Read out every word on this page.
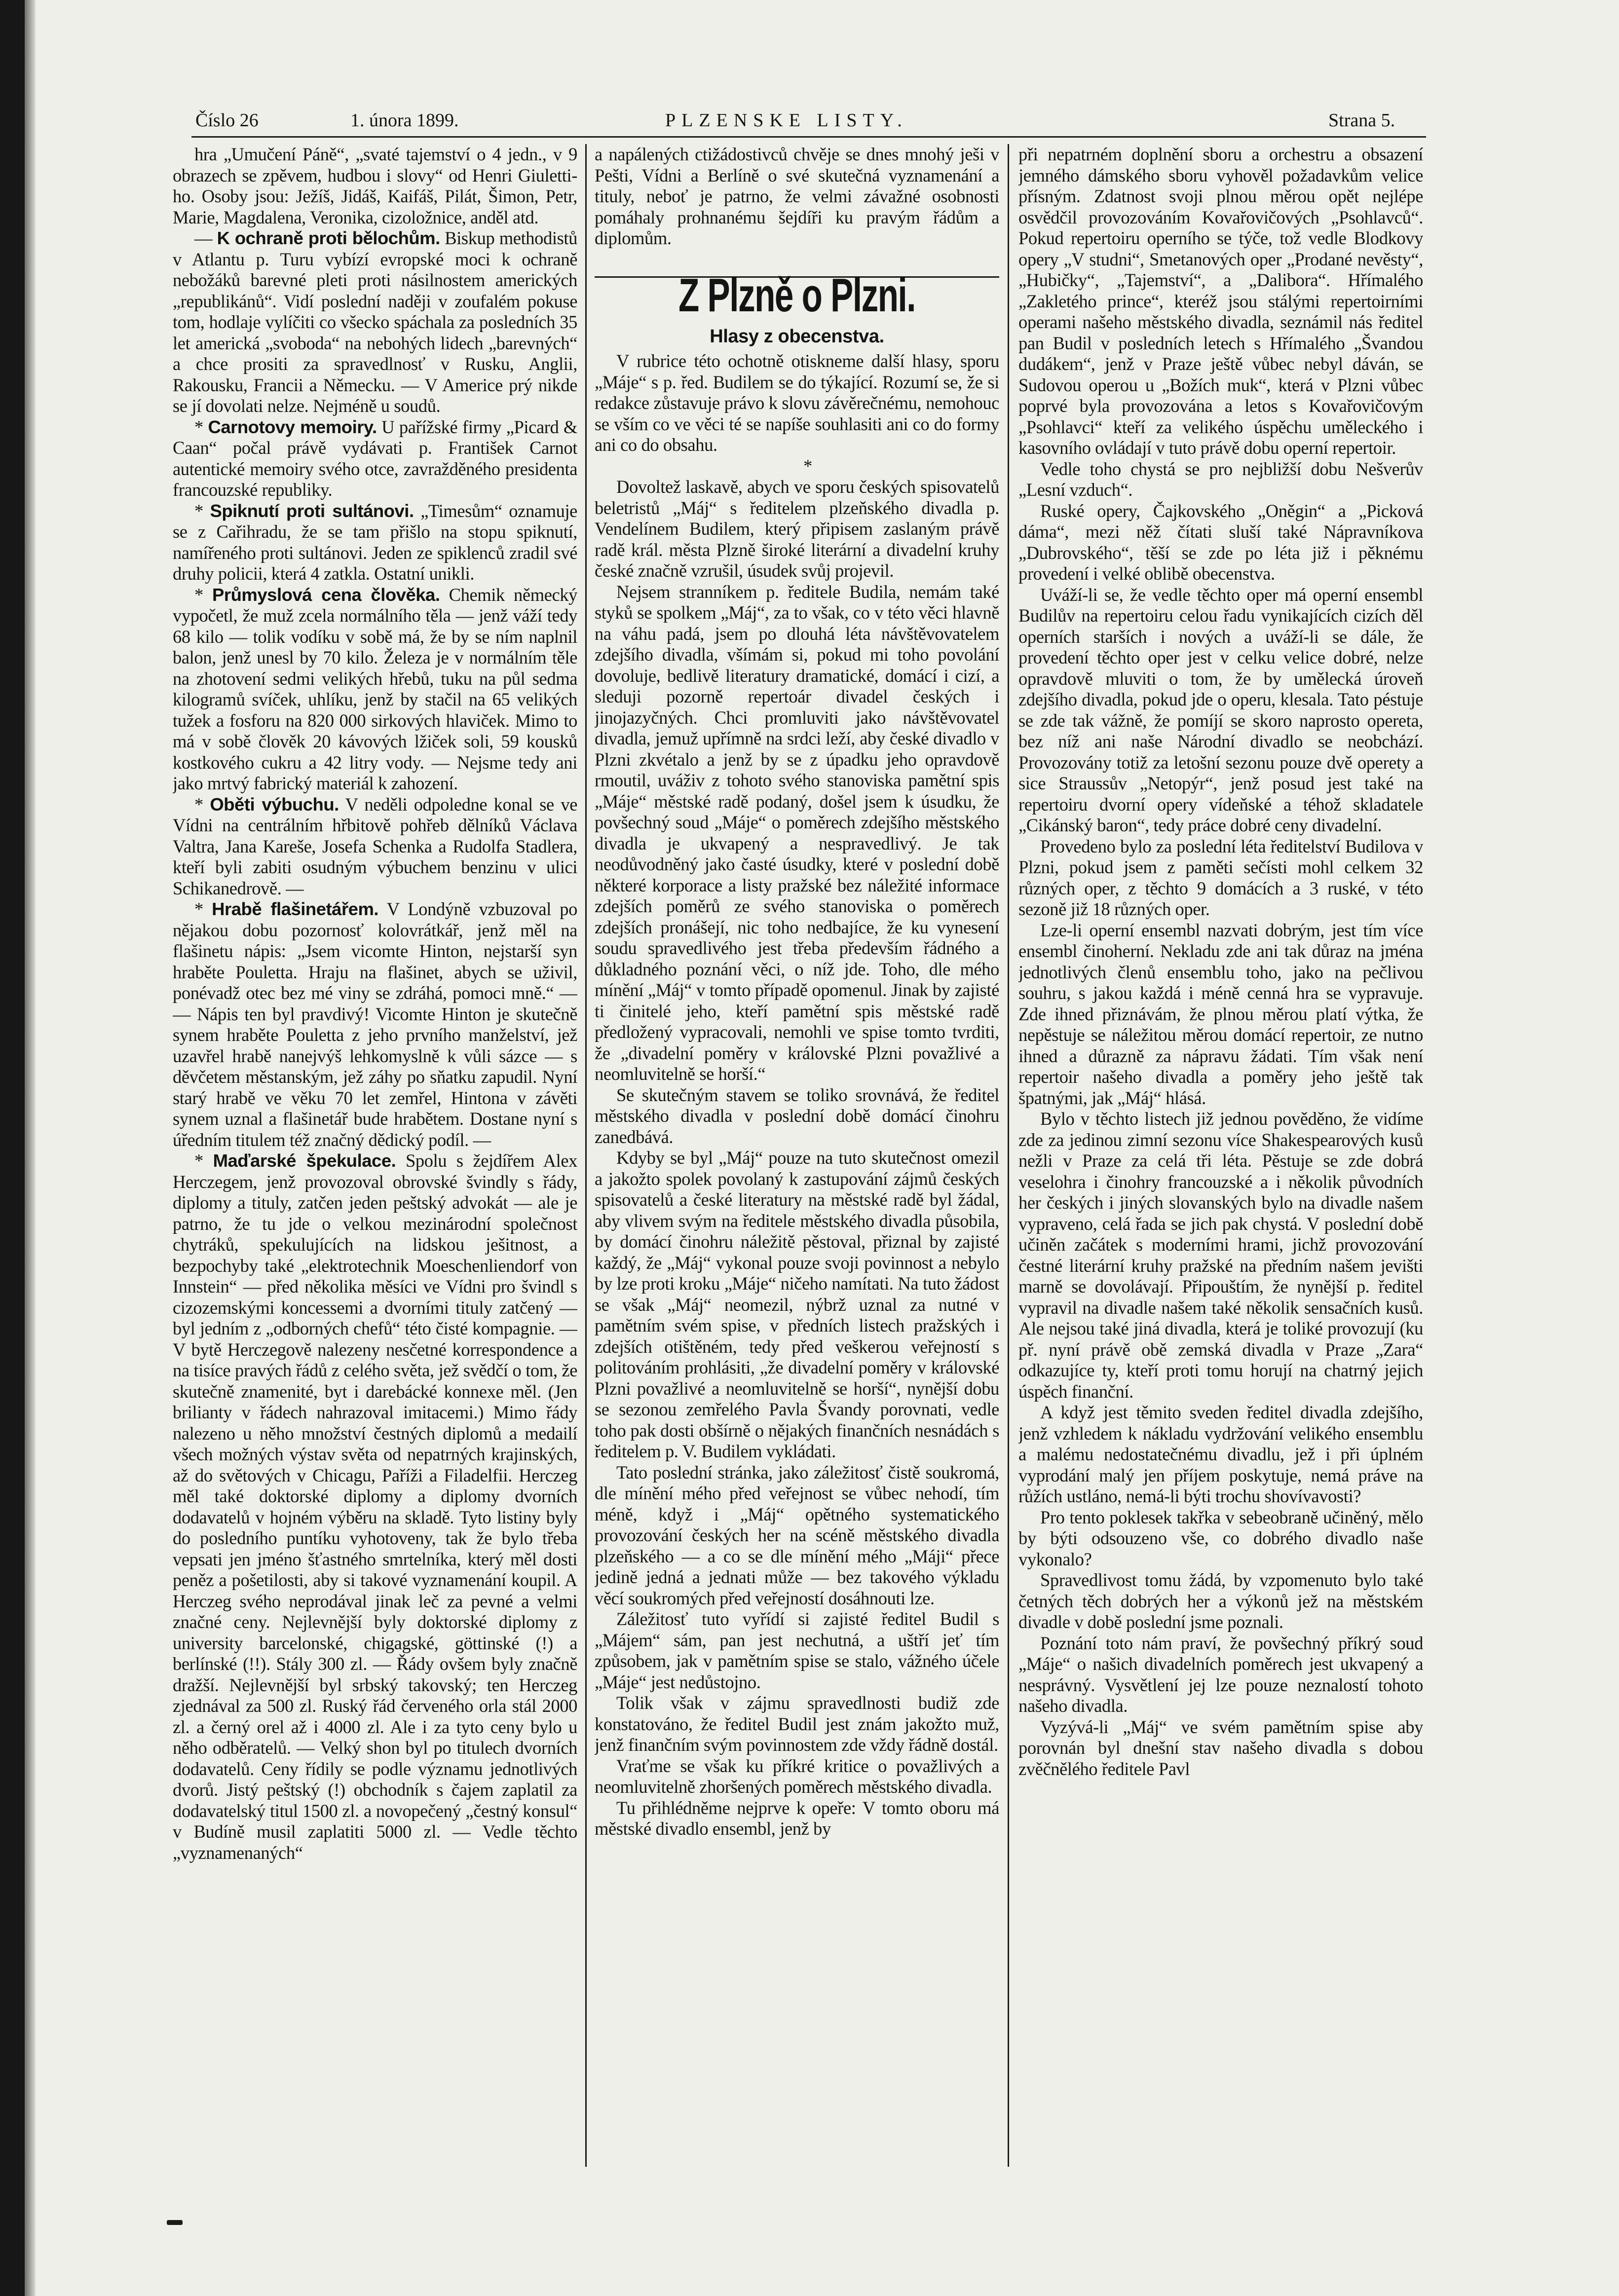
Číslo 26	1. února 1899.	PLZENSKE LISTY.	Strana 5.

hra „Umučení Páně“, „svaté tajemství o 4 jedn., v 9 obrazech se zpěvem, hudbou i slovy“ od Henri Giuletti-ho. Osoby jsou: Ježíš, Jidáš, Kaifáš, Pilát, Šimon, Petr, Marie, Magdalena, Veronika, cizoložnice, anděl atd.

— K ochraně proti bělochům. Biskup methodistů v Atlantu p. Turu vybízí evropské moci k ochraně nebožáků barevné pleti proti násilnostem amerických „republikánů“. Vidí poslední naději v zoufalém pokuse tom, hodlaje vylíčiti co všecko spáchala za posledních 35 let americká „svoboda“ na nebohých lidech „barevných“ a chce prositi za spravedlnosť v Rusku, Anglii, Rakousku, Francii a Německu. — V Americe prý nikde se jí dovolati nelze. Nejméně u soudů.

* Carnotovy memoiry. U pařížské firmy „Picard & Caan“ počal právě vydávati p. František Carnot autentické memoiry svého otce, zavražděného presidenta francouzské republiky.

* Spiknutí proti sultánovi. „Timesům“ oznamuje se z Cařihradu, že se tam přišlo na stopu spiknutí, namířeného proti sultánovi. Jeden ze spiklenců zradil své druhy policii, která 4 zatkla. Ostatní unikli.

* Průmyslová cena člověka. Chemik německý vypočetl, že muž zcela normálního těla — jenž váží tedy 68 kilo — tolik vodíku v sobě má, že by se ním naplnil balon, jenž unesl by 70 kilo. Železa je v normálním těle na zhotovení sedmi velikých hřebů, tuku na půl sedma kilogramů svíček, uhlíku, jenž by stačil na 65 velikých tužek a fosforu na 820 000 sirkových hlaviček. Mimo to má v sobě člověk 20 kávových lžiček soli, 59 kousků kostkového cukru a 42 litry vody. — Nejsme tedy ani jako mrtvý fabrický materiál k zahození.

* Oběti výbuchu. V neděli odpoledne konal se ve Vídni na centrálním hřbitově pohřeb dělníků Václava Valtra, Jana Kareše, Josefa Schenka a Rudolfa Stadlera, kteří byli zabiti osudným výbuchem benzinu v ulici Schikanedrově. —

* Hrabě flašinetářem. V Londýně vzbuzoval po nějakou dobu pozornosť kolovrátkář, jenž měl na flašinetu nápis: „Jsem vicomte Hinton, nejstarší syn hraběte Pouletta. Hraju na flašinet, abych se uživil, ponévadž otec bez mé viny se zdráhá, pomoci mně.“ — — Nápis ten byl pravdivý! Vicomte Hinton je skutečně synem hraběte Pouletta z jeho prvního manželství, jež uzavřel hrabě nanejvýš lehkomyslně k vůli sázce — s děvčetem městanským, jež záhy po sňatku zapudil. Nyní starý hrabě ve věku 70 let zemřel, Hintona v závěti synem uznal a flašinetář bude hrabětem. Dostane nyní s úředním titulem též značný dědický podíl. —

* Maďarské špekulace. Spolu s žejdířem Alex Herczegem, jenž provozoval obrovské švindly s řády, diplomy a tituly, zatčen jeden peštský advokát — ale je patrno, že tu jde o velkou mezinárodní společnost chytráků, spekulujících na lidskou ješitnost, a bezpochyby také „elektrotechnik Moeschenliendorf von Innstein“ — před několika měsíci ve Vídni pro švindl s cizozemskými koncessemi a dvorními tituly zatčený — byl jedním z „odborných chefů“ této čisté kompagnie. — V bytě Herczegově nalezeny nesčetné korrespondence a na tisíce pravých řádů z celého světa, jež svědčí o tom, že skutečně znamenité, byt i darebácké konnexe měl. (Jen brilianty v řádech nahrazoval imitacemi.) Mimo řády nalezeno u něho množství čestných diplomů a medailí všech možných výstav světa od nepatrných krajinských, až do světových v Chicagu, Paříži a Filadelfii. Herczeg měl také doktorské diplomy a diplomy dvorních dodavatelů v hojném výběru na skladě. Tyto listiny byly do posledního puntíku vyhotoveny, tak že bylo třeba vepsati jen jméno šťastného smrtelníka, který měl dosti peněz a pošetilosti, aby si takové vyznamenání koupil. A Herczeg svého neprodával jinak leč za pevné a velmi značné ceny. Nejlevnější byly doktorské diplomy z university barcelonské, chigagské, göttinské (!) a berlínské (!!). Stály 300 zl. — Řády ovšem byly značně dražší. Nejlevnější byl srbský takovský; ten Herczeg zjednával za 500 zl. Ruský řád červeného orla stál 2000 zl. a černý orel až i 4000 zl. Ale i za tyto ceny bylo u něho odběratelů. — Velký shon byl po titulech dvorních dodavatelů. Ceny řídily se podle významu jednotlivých dvorů. Jistý peštský (!) obchodník s čajem zaplatil za dodavatelský titul 1500 zl. a novopečený „čestný konsul“ v Budíně musil zaplatiti 5000 zl. — Vedle těchto „vyznamenaných“

a napálených ctižádostivců chvěje se dnes mnohý ješi v Pešti, Vídni a Berlíně o své skutečná vyznamenání a tituly, neboť je patrno, že velmi závažné osobnosti pomáhaly prohnanému šejdíři ku pravým řádům a diplomům.

Z Plzně o Plzni.

Hlasy z obecenstva.

V rubrice této ochotně otiskneme další hlasy, sporu „Máje“ s p. řed. Budilem se do týkající. Rozumí se, že si redakce zůstavuje právo k slovu závěrečnému, nemohouc se vším co ve věci té se napíše souhlasiti ani co do formy ani co do obsahu.

*

Dovoltež laskavě, abych ve sporu českých spisovatelů beletristů „Máj“ s ředitelem plzeňského divadla p. Vendelínem Budilem, který připisem zaslaným právě radě král. města Plzně široké literární a divadelní kruhy české značně vzrušil, úsudek svůj projevil.

Nejsem stranníkem p. ředitele Budila, nemám také styků se spolkem „Máj“, za to však, co v této věci hlavně na váhu padá, jsem po dlouhá léta návštěvovatelem zdejšího divadla, všímám si, pokud mi toho povolání dovoluje, bedlivě literatury dramatické, domácí i cizí, a sleduji pozorně repertoár divadel českých i jinojazyčných. Chci promluviti jako návštěvovatel divadla, jemuž upřímně na srdci leží, aby české divadlo v Plzni zkvétalo a jenž by se z úpadku jeho opravdově rmoutil, uváživ z tohoto svého stanoviska pamětní spis „Máje“ městské radě podaný, došel jsem k úsudku, že povšechný soud „Máje“ o poměrech zdejšího městského divadla je ukvapený a nespravedlivý. Je tak neodůvodněný jako časté úsudky, které v poslední době některé korporace a listy pražské bez náležité informace zdejších poměrů ze svého stanoviska o poměrech zdejších pronášejí, nic toho nedbajíce, že ku vynesení soudu spravedlivého jest třeba především řádného a důkladného poznání věci, o níž jde. Toho, dle mého mínění „Máj“ v tomto případě opomenul. Jinak by zajisté ti činitelé jeho, kteří pamětní spis městské radě předložený vypracovali, nemohli ve spise tomto tvrditi, že „divadelní poměry v královské Plzni považlivé a neomluvitelně se horší.“

Se skutečným stavem se toliko srovnává, že ředitel městského divadla v poslední době domácí činohru zanedbává.

Kdyby se byl „Máj“ pouze na tuto skutečnost omezil a jakožto spolek povolaný k zastupování zájmů českých spisovatelů a české literatury na městské radě byl žádal, aby vlivem svým na ředitele městského divadla působila, by domácí činohru náležitě pěstoval, přiznal by zajisté každý, že „Máj“ vykonal pouze svoji povinnost a nebylo by lze proti kroku „Máje“ ničeho namítati. Na tuto žádost se však „Máj“ neomezil, nýbrž uznal za nutné v pamětním svém spise, v předních listech pražských i zdejších otištěném, tedy před veškerou veřejností s politováním prohlásiti, „že divadelní poměry v královské Plzni považlivé a neomluvitelně se horší“, nynější dobu se sezonou zemřelého Pavla Švandy porovnati, vedle toho pak dosti obšírně o nějakých finančních nesnádách s ředitelem p. V. Budilem vykládati.

Tato poslední stránka, jako záležitosť čistě soukromá, dle mínění mého před veřejnost se vůbec nehodí, tím méně, když i „Máj“ opětného systematického provozování českých her na scéně městského divadla plzeňského — a co se dle mínění mého „Máji“ přece jedině jedná a jednati může — bez takového výkladu věcí soukromých před veřejností dosáhnouti lze.

Záležitosť tuto vyřídí si zajisté ředitel Budil s „Májem“ sám, pan jest nechutná, a uštří jeť tím způsobem, jak v pamětním spise se stalo, vážného účele „Máje“ jest nedůstojno.

Tolik však v zájmu spravedlnosti budiž zde konstatováno, že ředitel Budil jest znám jakožto muž, jenž finančním svým povinnostem zde vždy řádně dostál.

Vraťme se však ku příkré kritice o považlivých a neomluvitelně zhoršených poměrech městského divadla.

Tu přihlédněme nejprve k opeře: V tomto oboru má městské divadlo ensembl, jenž by

při nepatrném doplnění sboru a orchestru a obsazení jemného dámského sboru vyhověl požadavkům velice přísným. Zdatnost svoji plnou měrou opět nejlépe osvědčil provozováním Kovařovičových „Psohlavců“. Pokud repertoiru operního se týče, tož vedle Blodkovy opery „V studni“, Smetanových oper „Prodané nevěsty“, „Hubičky“, „Tajemství“, a „Dalibora“. Hřímalého „Zakletého prince“, kteréž jsou stálými repertoirními operami našeho městského divadla, seznámil nás ředitel pan Budil v posledních letech s Hřímalého „Švandou dudákem“, jenž v Praze ještě vůbec nebyl dáván, se Sudovou operou u „Božích muk“, která v Plzni vůbec poprvé byla provozována a letos s Kovařovičovým „Psohlavci“ kteří za velikého úspěchu uměleckého i kasovního ovládají v tuto právě dobu operní repertoir.

Vedle toho chystá se pro nejbližší dobu Nešverův „Lesní vzduch“.

Ruské opery, Čajkovského „Oněgin“ a „Picková dáma“, mezi něž čítati sluší také Nápravníkova „Dubrovského“, těší se zde po léta již i pěknému provedení i velké oblibě obecenstva.

Uváží-li se, že vedle těchto oper má operní ensembl Budilův na repertoiru celou řadu vynikajících cizích děl operních starších i nových a uváží-li se dále, že provedení těchto oper jest v celku velice dobré, nelze opravdově mluviti o tom, že by umělecká úroveň zdejšího divadla, pokud jde o operu, klesala. Tato péstuje se zde tak vážně, že pomíjí se skoro naprosto opereta, bez níž ani naše Národní divadlo se neobchází. Provozovány totiž za letošní sezonu pouze dvě operety a sice Straussův „Netopýr“, jenž posud jest také na repertoiru dvorní opery vídeňské a téhož skladatele „Cikánský baron“, tedy práce dobré ceny divadelní.

Provedeno bylo za poslední léta ředitelství Budilova v Plzni, pokud jsem z paměti sečísti mohl celkem 32 různých oper, z těchto 9 domácích a 3 ruské, v této sezoně již 18 různých oper.

Lze-li operní ensembl nazvati dobrým, jest tím více ensembl činoherní. Nekladu zde ani tak důraz na jména jednotlivých členů ensemblu toho, jako na pečlivou souhru, s jakou každá i méně cenná hra se vypravuje. Zde ihned přiznávám, že plnou měrou platí výtka, že nepěstuje se náležitou měrou domácí repertoir, ze nutno ihned a důrazně za nápravu žádati. Tím však není repertoir našeho divadla a poměry jeho ještě tak špatnými, jak „Máj“ hlásá.

Bylo v těchto listech již jednou pověděno, že vidíme zde za jedinou zimní sezonu více Shakespearových kusů nežli v Praze za celá tři léta. Pěstuje se zde dobrá veselohra i činohry francouzské a i několik původních her českých i jiných slovanských bylo na divadle našem vypraveno, celá řada se jich pak chystá. V poslední době učiněn začátek s moderními hrami, jichž provozování čestné literární kruhy pražské na předním našem jevišti marně se dovolávají. Připouštím, že nynější p. ředitel vypravil na divadle našem také několik sensačních kusů. Ale nejsou také jiná divadla, která je toliké provozují (ku př. nyní právě obě zemská divadla v Praze „Zara“ odkazujíce ty, kteří proti tomu horují na chatrný jejich úspěch finanční.

A když jest těmito sveden ředitel divadla zdejšího, jenž vzhledem k nákladu vydržování velikého ensemblu a malému nedostatečnému divadlu, jež i při úplném vyprodání malý jen příjem poskytuje, nemá práve na růžích ustláno, nemá-li býti trochu shovívavosti?

Pro tento poklesek takřka v sebeobraně učiněný, mělo by býti odsouzeno vše, co dobrého divadlo naše vykonalo?

Spravedlivost tomu žádá, by vzpomenuto bylo také četných těch dobrých her a výkonů jež na městském divadle v době poslední jsme poznali.

Poznání toto nám praví, že povšechný příkrý soud „Máje“ o našich divadelních poměrech jest ukvapený a nesprávný. Vysvětlení jej lze pouze neznalostí tohoto našeho divadla.

Vyzývá-li „Máj“ ve svém pamětním spise aby porovnán byl dnešní stav našeho divadla s dobou zvěčnělého ředitele Pavl
